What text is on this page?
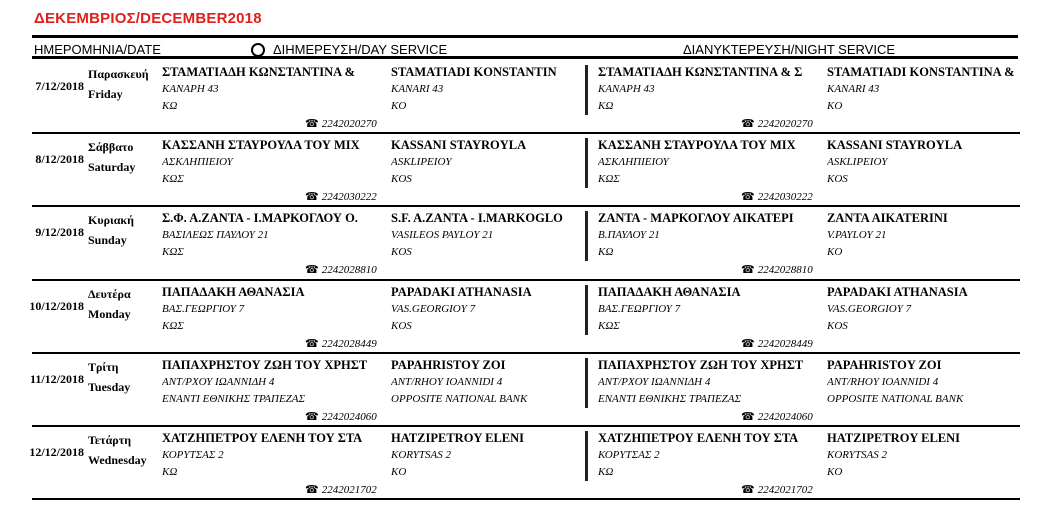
ΔΕΚΕΜΒΡΙΟΣ/DECEMBER2018
ΗΜΕΡΟΜΗΝΙΑ/DATE	ΔΙΗΜΕΡΕΥΣΗ/DAY SERVICE	ΔΙΑΝΥΚΤΕΡΕΥΣΗ/NIGHT SERVICE
7/12/2018
Παρασκευή
Friday
ΣΤΑΜΑΤΙΑΔΗ ΚΩΝΣΤΑΝΤΙΝΑ &
ΚΑΝΑΡΗ 43
ΚΩ
☎ 2242020270
STAMATIADI KONSTANTIN
KANARI 43
KO
ΣΤΑΜΑΤΙΑΔΗ ΚΩΝΣΤΑΝΤΙΝΑ & Σ
ΚΑΝΑΡΗ 43
ΚΩ
☎ 2242020270
STAMATIADI KONSTANTINA &
KANARI 43
KO
8/12/2018
Σάββατο
Saturday
ΚΑΣΣΑΝΗ ΣΤΑΥΡΟΥΛΑ ΤΟΥ ΜΙΧ
ΑΣΚΛΗΠΙΕΙΟΥ
ΚΩΣ
☎ 2242030222
KASSANI STAYROYLA
ASKLIPEIOY
KOS
ΚΑΣΣΑΝΗ ΣΤΑΥΡΟΥΛΑ ΤΟΥ ΜΙΧ
ΑΣΚΛΗΠΙΕΙΟΥ
ΚΩΣ
☎ 2242030222
KASSANI STAYROYLA
ASKLIPEIOY
KOS
9/12/2018
Κυριακή
Sunday
Σ.Φ. Α.ΖΑΝΤΑ - Ι.ΜΑΡΚΟΓΛΟΥ Ο.
ΒΑΣΙΛΕΩΣ ΠΑΥΛΟΥ 21
ΚΩΣ
☎ 2242028810
S.F. A.ZANTA - I.MARKOGLO
VASILEOS PAYLOY 21
KOS
ΖΑΝΤΑ - ΜΑΡΚΟΓΛΟΥ ΑΙΚΑΤΕΡΙ
Β.ΠΑΥΛΟΥ 21
ΚΩ
☎ 2242028810
ZANTA AIKATERINI
V.PAYLOY 21
KO
10/12/2018
Δευτέρα
Monday
ΠΑΠΑΔΑΚΗ ΑΘΑΝΑΣΙΑ
ΒΑΣ.ΓΕΩΡΓΙΟΥ 7
ΚΩΣ
☎ 2242028449
PAPADAKI ATHANASIA
VAS.GEORGIOY 7
KOS
ΠΑΠΑΔΑΚΗ ΑΘΑΝΑΣΙΑ
ΒΑΣ.ΓΕΩΡΓΙΟΥ 7
ΚΩΣ
☎ 2242028449
PAPADAKI ATHANASIA
VAS.GEORGIOY 7
KOS
11/12/2018
Τρίτη
Tuesday
ΠΑΠΑΧΡΗΣΤΟΥ ΖΩΗ ΤΟΥ ΧΡΗΣΤ
ΑΝΤ/ΡΧΟΥ ΙΩΑΝΝΙΔΗ 4
ΕΝΑΝΤΙ ΕΘΝΙΚΗΣ ΤΡΑΠΕΖΑΣ
☎ 2242024060
PAPAHRISTOY ZOI
ANT/RHOY IOANNIDI 4
OPPOSITE NATIONAL BANK
ΠΑΠΑΧΡΗΣΤΟΥ ΖΩΗ ΤΟΥ ΧΡΗΣΤ
ΑΝΤ/ΡΧΟΥ ΙΩΑΝΝΙΔΗ 4
ΕΝΑΝΤΙ ΕΘΝΙΚΗΣ ΤΡΑΠΕΖΑΣ
☎ 2242024060
PAPAHRISTOY ZOI
ANT/RHOY IOANNIDI 4
OPPOSITE NATIONAL BANK
12/12/2018
Τετάρτη
Wednesday
ΧΑΤΖΗΠΕΤΡΟΥ ΕΛΕΝΗ ΤΟΥ ΣΤΑ
ΚΟΡΥΤΣΑΣ 2
ΚΩ
☎ 2242021702
HATZIPETROY ELENI
KORYTSAS 2
KO
ΧΑΤΖΗΠΕΤΡΟΥ ΕΛΕΝΗ ΤΟΥ ΣΤΑ
ΚΟΡΥΤΣΑΣ 2
ΚΩ
☎ 2242021702
HATZIPETROY ELENI
KORYTSAS 2
KO
